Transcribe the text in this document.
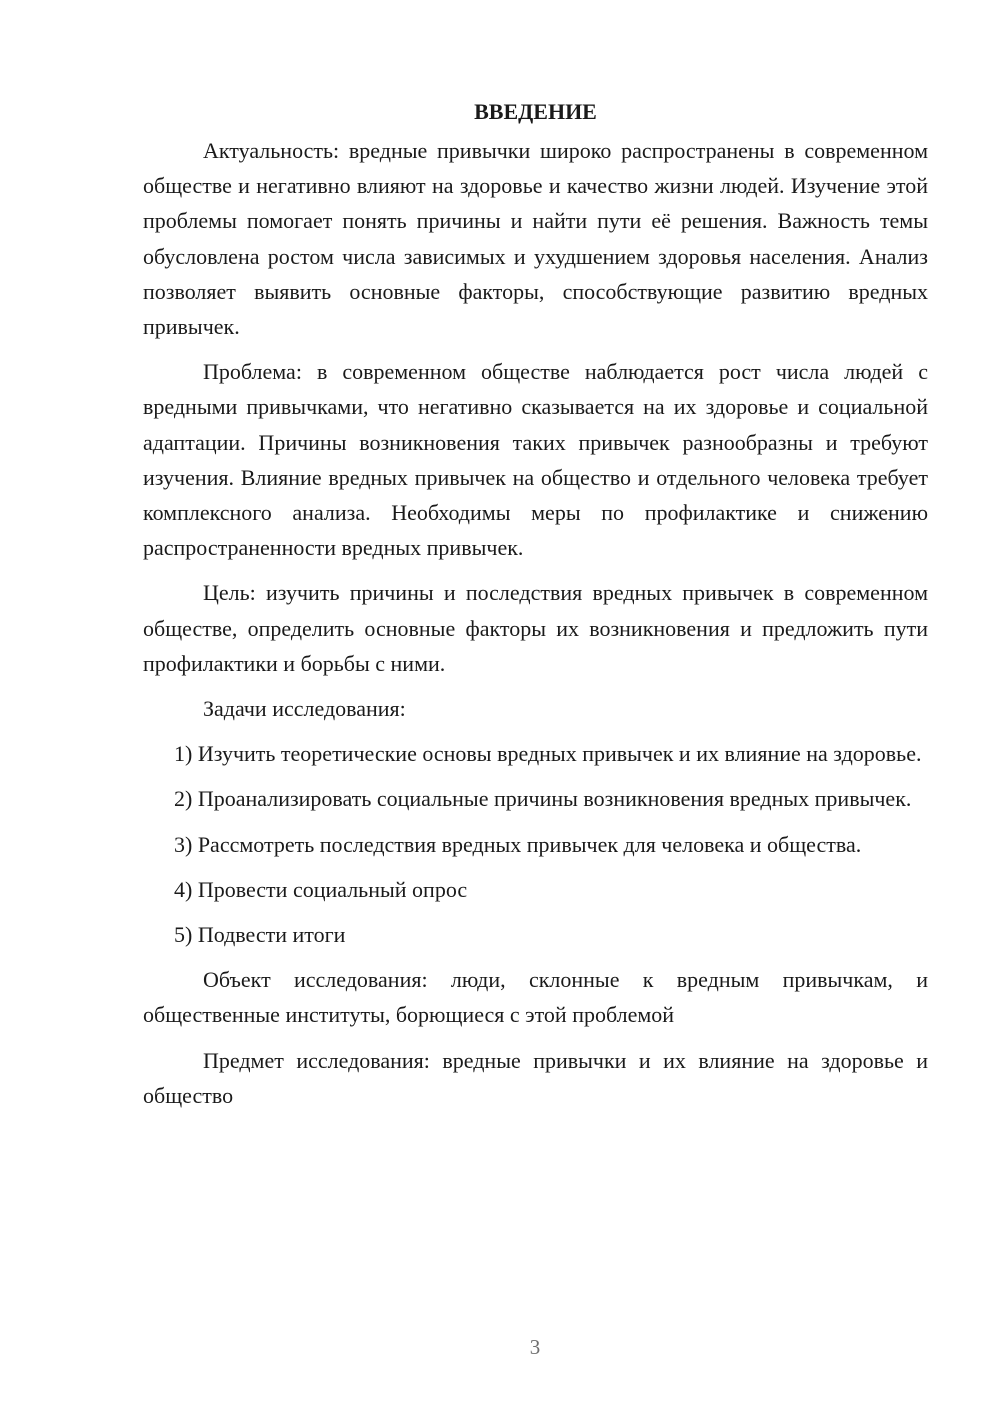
ВВЕДЕНИЕ

Актуальность: вредные привычки широко распространены в современном обществе и негативно влияют на здоровье и качество жизни людей. Изучение этой проблемы помогает понять причины и найти пути её решения. Важность темы обусловлена ростом числа зависимых и ухудшением здоровья населения. Анализ позволяет выявить основные факторы, способствующие развитию вредных привычек.

Проблема: в современном обществе наблюдается рост числа людей с вредными привычками, что негативно сказывается на их здоровье и социальной адаптации. Причины возникновения таких привычек разнообразны и требуют изучения. Влияние вредных привычек на общество и отдельного человека требует комплексного анализа. Необходимы меры по профилактике и снижению распространенности вредных привычек.

Цель: изучить причины и последствия вредных привычек в современном обществе, определить основные факторы их возникновения и предложить пути профилактики и борьбы с ними.

Задачи исследования:

1) Изучить теоретические основы вредных привычек и их влияние на здоровье.

2) Проанализировать социальные причины возникновения вредных привычек.

3) Рассмотреть последствия вредных привычек для человека и общества.

4) Провести социальный опрос

5) Подвести итоги

Объект исследования: люди, склонные к вредным привычкам, и общественные институты, борющиеся с этой проблемой

Предмет исследования: вредные привычки и их влияние на здоровье и общество

3
